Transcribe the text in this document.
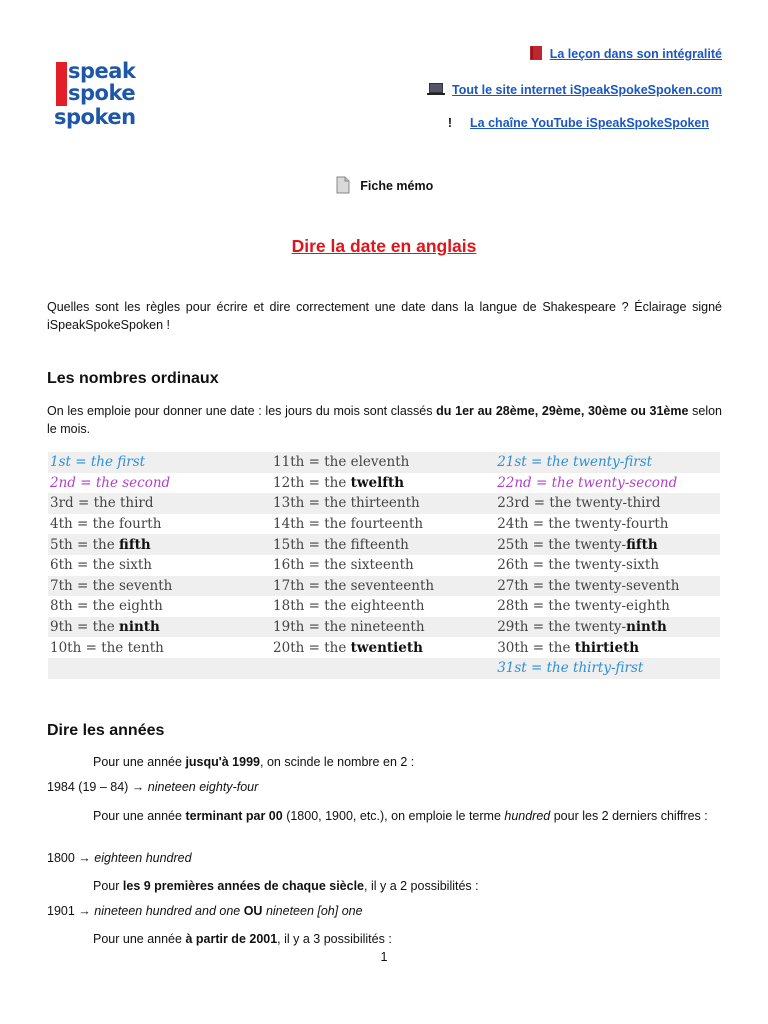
speak
spoke
spoken
La leçon dans son intégralité
Tout le site internet iSpeakSpokeSpoken.com
! La chaîne YouTube iSpeakSpokeSpoken
Fiche mémo
Dire la date en anglais

Quelles sont les règles pour écrire et dire correctement une date dans la langue de Shakespeare ? Éclairage signé iSpeakSpokeSpoken !

Les nombres ordinaux

On les emploie pour donner une date : les jours du mois sont classés du 1er au 28ème, 29ème, 30ème ou 31ème selon le mois.

1st = the first	11th = the eleventh	21st = the twenty-first
2nd = the second	12th = the twelfth	22nd = the twenty-second
3rd = the third	13th = the thirteenth	23rd = the twenty-third
4th = the fourth	14th = the fourteenth	24th = the twenty-fourth
5th = the fifth	15th = the fifteenth	25th = the twenty-fifth
6th = the sixth	16th = the sixteenth	26th = the twenty-sixth
7th = the seventh	17th = the seventeenth	27th = the twenty-seventh
8th = the eighth	18th = the eighteenth	28th = the twenty-eighth
9th = the ninth	19th = the nineteenth	29th = the twenty-ninth
10th = the tenth	20th = the twentieth	30th = the thirtieth
		31st = the thirty-first
Dire les années

Pour une année jusqu'à 1999, on scinde le nombre en 2 :

1984 (19 – 84) → nineteen eighty-four

Pour une année terminant par 00 (1800, 1900, etc.), on emploie le terme hundred pour les 2 derniers chiffres :

1800 → eighteen hundred

Pour les 9 premières années de chaque siècle, il y a 2 possibilités :

1901 → nineteen hundred and one OU nineteen [oh] one

Pour une année à partir de 2001, il y a 3 possibilités :

1
